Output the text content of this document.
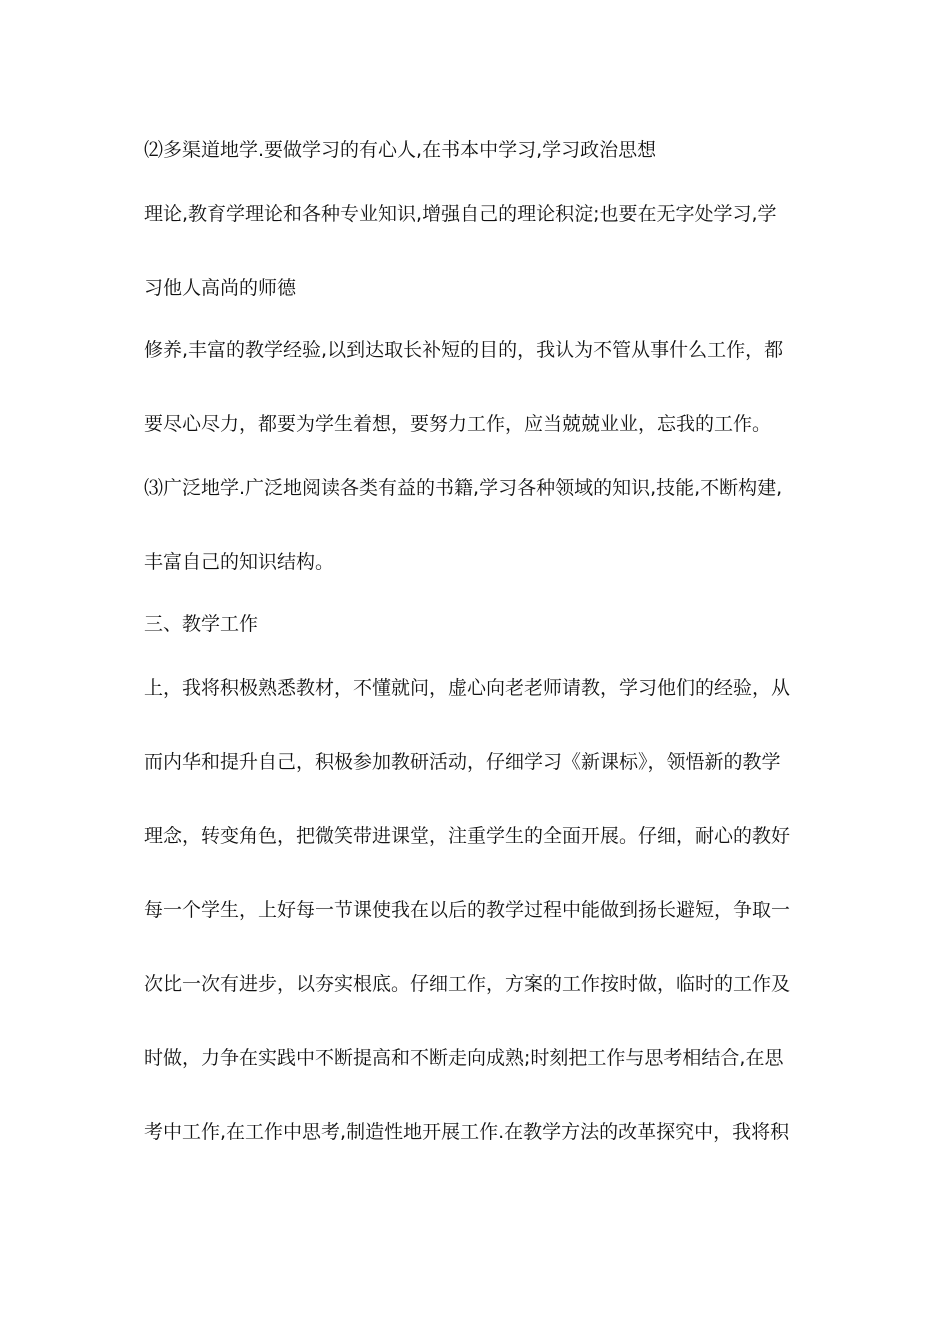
⑵多渠道地学.要做学习的有心人,在书本中学习,学习政治思想

理论,教育学理论和各种专业知识,增强自己的理论积淀;也要在无字处学习,学

习他人高尚的师德

修养,丰富的教学经验,以到达取长补短的目的，我认为不管从事什么工作，都

要尽心尽力，都要为学生着想，要努力工作，应当兢兢业业，忘我的工作。

⑶广泛地学.广泛地阅读各类有益的书籍,学习各种领域的知识,技能,不断构建,

丰富自己的知识结构。

三、教学工作

上，我将积极熟悉教材，不懂就问，虚心向老老师请教，学习他们的经验，从

而内华和提升自己，积极参加教研活动，仔细学习《新课标》，领悟新的教学

理念，转变角色，把微笑带进课堂，注重学生的全面开展。仔细，耐心的教好

每一个学生，上好每一节课使我在以后的教学过程中能做到扬长避短，争取一

次比一次有进步，以夯实根底。仔细工作，方案的工作按时做，临时的工作及

时做，力争在实践中不断提高和不断走向成熟;时刻把工作与思考相结合,在思

考中工作,在工作中思考,制造性地开展工作.在教学方法的改革探究中，我将积
